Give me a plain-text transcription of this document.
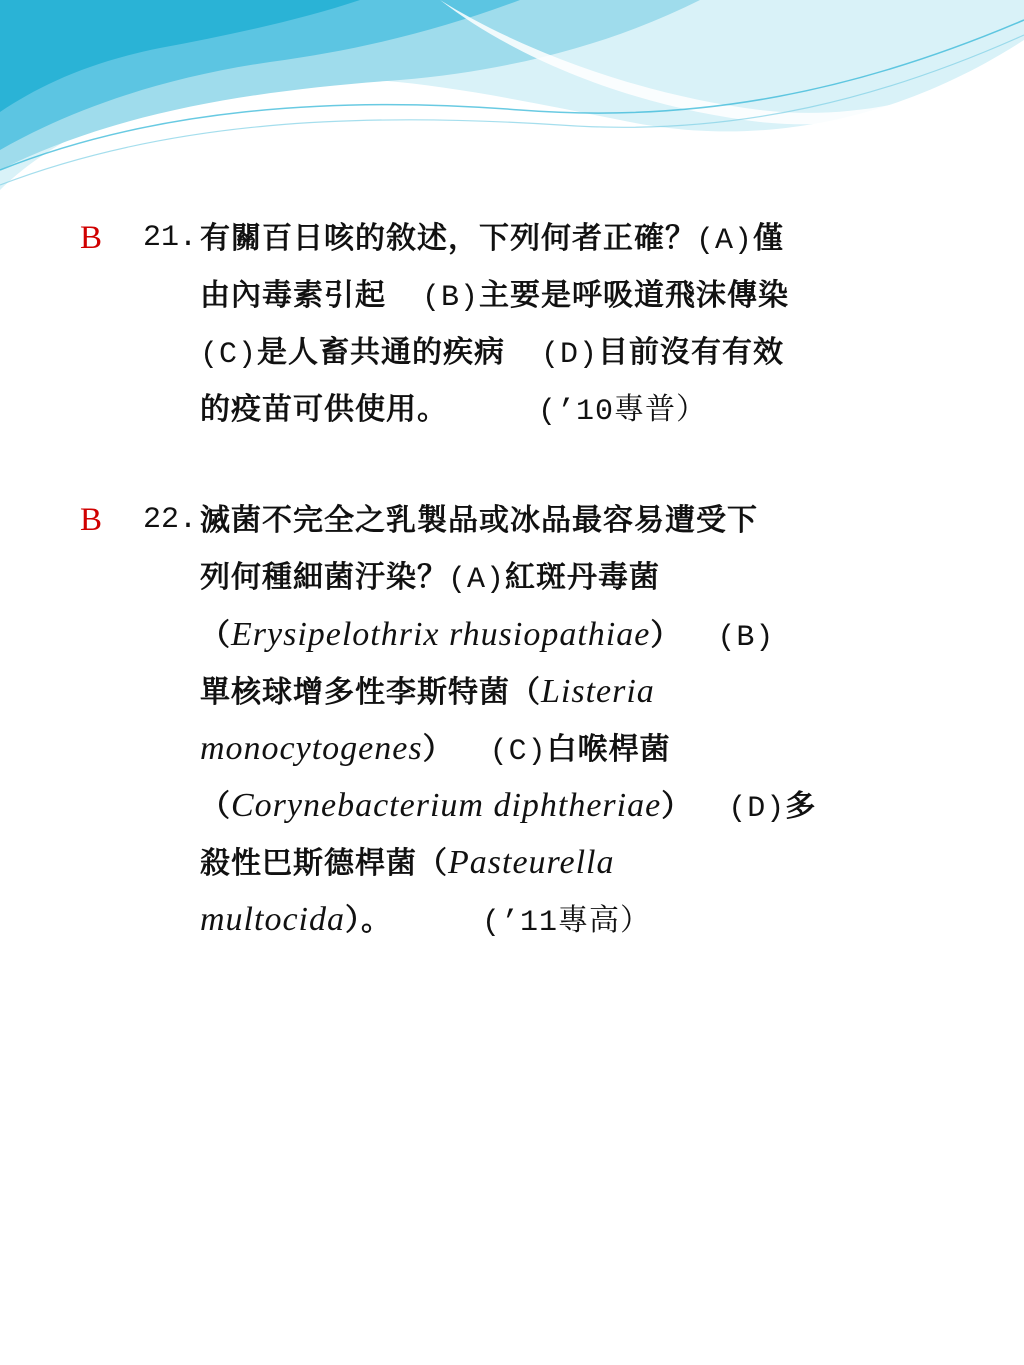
B 21. 有關百日咳的敘述，下列何者正確？(A)僅
由內毒素引起 (B)主要是呼吸道飛沫傳染
(C)是人畜共通的疾病 (D)目前沒有有效
的疫苗可供使用。	(’10專普）
B 22. 滅菌不完全之乳製品或冰品最容易遭受下
列何種細菌汙染？(A)紅斑丹毒菌
（Erysipelothrix rhusiopathiae） (B)
單核球增多性李斯特菌（Listeria
monocytogenes） (C)白喉桿菌
（Corynebacterium diphtheriae） (D)多
殺性巴斯德桿菌（Pasteurella
multocida）。	(’11專高）
